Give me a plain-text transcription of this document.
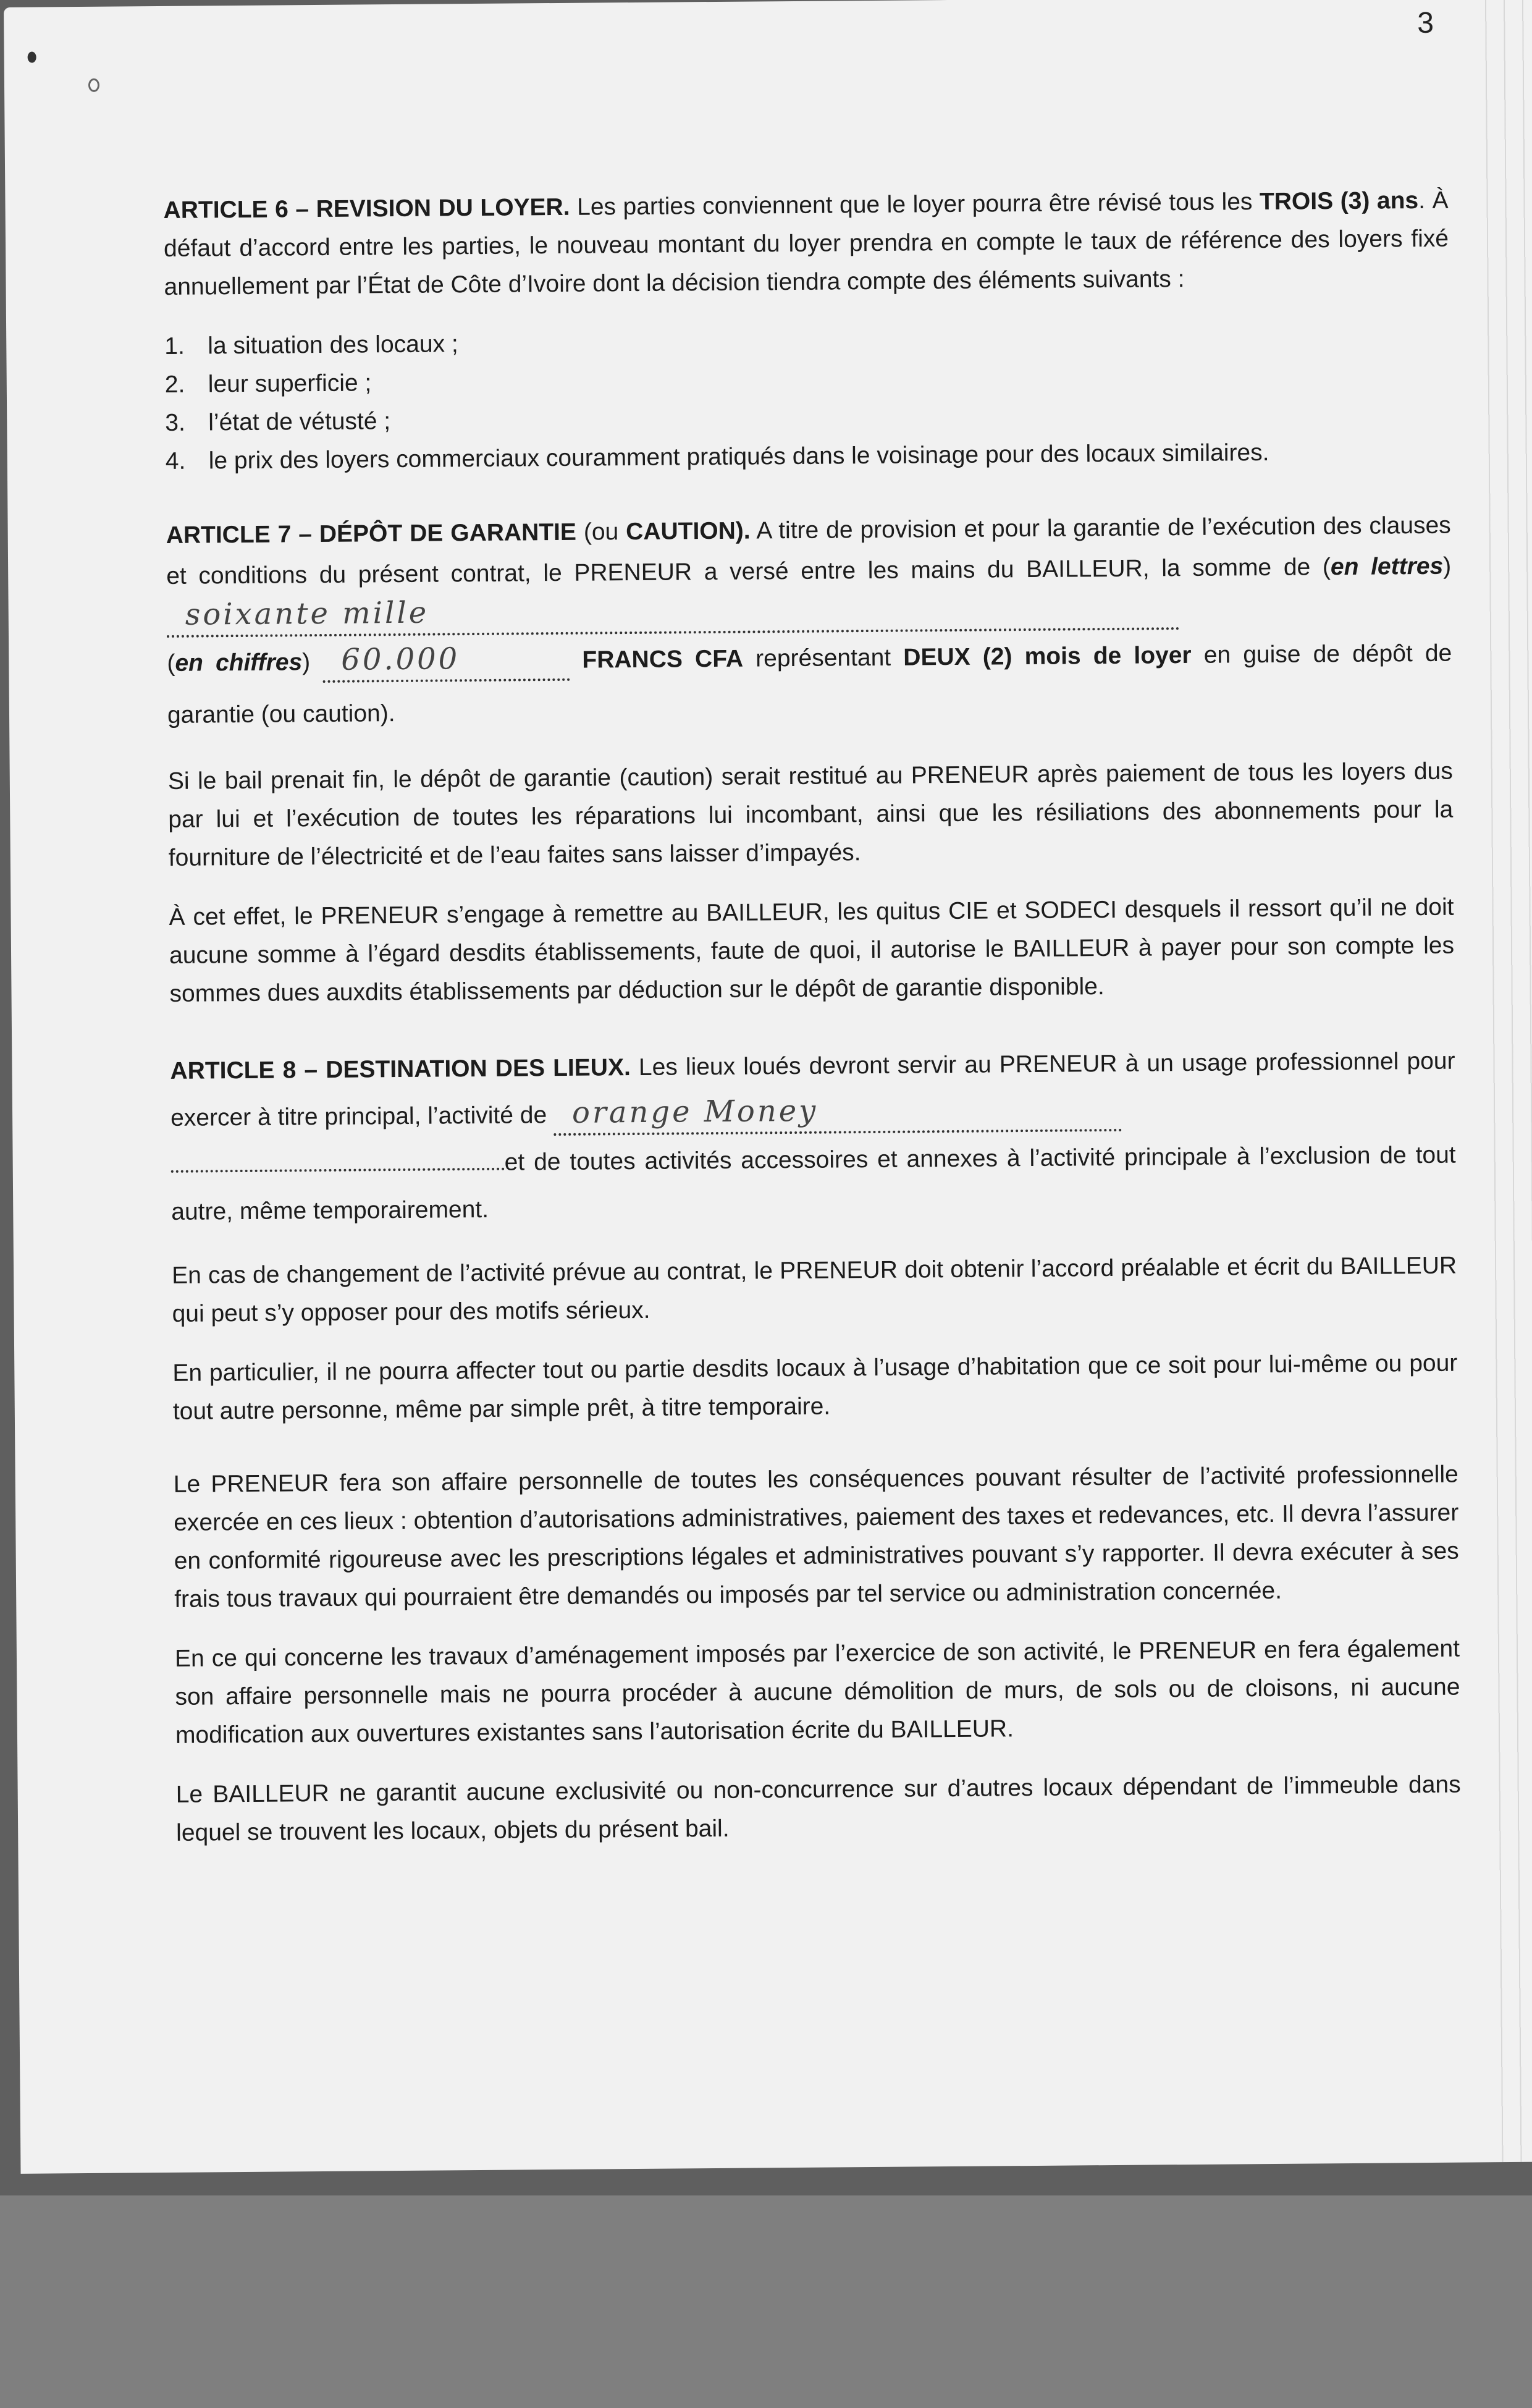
3

ARTICLE 6 – REVISION DU LOYER. Les parties conviennent que le loyer pourra être révisé tous les TROIS (3) ans. À défaut d’accord entre les parties, le nouveau montant du loyer prendra en compte le taux de référence des loyers fixé annuellement par l’État de Côte d’Ivoire dont la décision tiendra compte des éléments suivants :

1. la situation des locaux ;
2. leur superficie ;
3. l’état de vétusté ;
4. le prix des loyers commerciaux couramment pratiqués dans le voisinage pour des locaux similaires.

ARTICLE 7 – DÉPÔT DE GARANTIE (ou CAUTION). A titre de provision et pour la garantie de l’exécution des clauses et conditions du présent contrat, le PRENEUR a versé entre les mains du BAILLEUR, la somme de (en lettres) soixante mille
(en chiffres) 60.000	FRANCS CFA représentant DEUX (2) mois de loyer en guise de dépôt de garantie (ou caution).

Si le bail prenait fin, le dépôt de garantie (caution) serait restitué au PRENEUR après paiement de tous les loyers dus par lui et l’exécution de toutes les réparations lui incombant, ainsi que les résiliations des abonnements pour la fourniture de l’électricité et de l’eau faites sans laisser d’impayés.

À cet effet, le PRENEUR s’engage à remettre au BAILLEUR, les quitus CIE et SODECI desquels il ressort qu’il ne doit aucune somme à l’égard desdits établissements, faute de quoi, il autorise le BAILLEUR à payer pour son compte les sommes dues auxdits établissements par déduction sur le dépôt de garantie disponible.

ARTICLE 8 – DESTINATION DES LIEUX. Les lieux loués devront servir au PRENEUR à un usage professionnel pour exercer à titre principal, l’activité de orange Money
et de toutes activités accessoires et annexes à l’activité principale à l’exclusion de tout autre, même temporairement.

En cas de changement de l’activité prévue au contrat, le PRENEUR doit obtenir l’accord préalable et écrit du BAILLEUR qui peut s’y opposer pour des motifs sérieux.

En particulier, il ne pourra affecter tout ou partie desdits locaux à l’usage d’habitation que ce soit pour lui-même ou pour tout autre personne, même par simple prêt, à titre temporaire.

Le PRENEUR fera son affaire personnelle de toutes les conséquences pouvant résulter de l’activité professionnelle exercée en ces lieux : obtention d’autorisations administratives, paiement des taxes et redevances, etc. Il devra l’assurer en conformité rigoureuse avec les prescriptions légales et administratives pouvant s’y rapporter. Il devra exécuter à ses frais tous travaux qui pourraient être demandés ou imposés par tel service ou administration concernée.

En ce qui concerne les travaux d’aménagement imposés par l’exercice de son activité, le PRENEUR en fera également son affaire personnelle mais ne pourra procéder à aucune démolition de murs, de sols ou de cloisons, ni aucune modification aux ouvertures existantes sans l’autorisation écrite du BAILLEUR.

Le BAILLEUR ne garantit aucune exclusivité ou non-concurrence sur d’autres locaux dépendant de l’immeuble dans lequel se trouvent les locaux, objets du présent bail.
